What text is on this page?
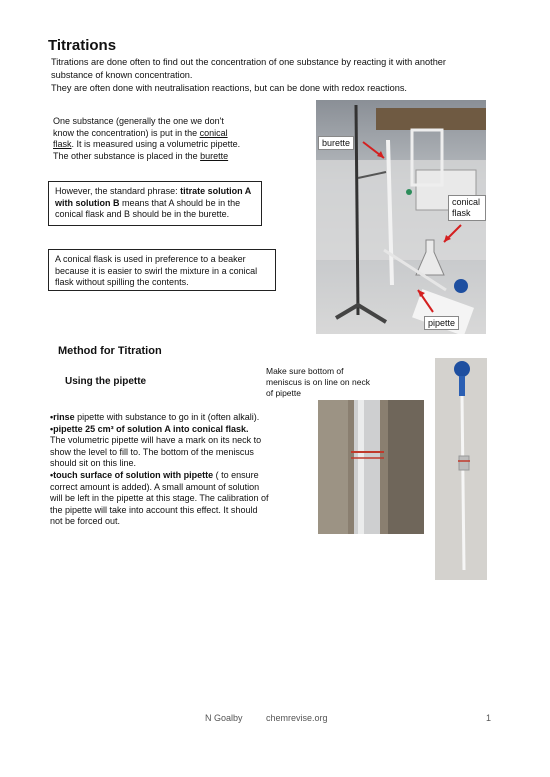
Titrations

Titrations are done often to find out the concentration of one substance by reacting it with another substance of known concentration.

They are often done with neutralisation reactions, but can be done with redox reactions.

One substance (generally the one we don't know the concentration) is put in the conical flask. It is measured using a volumetric pipette.
The other substance is placed in the burette
However, the standard phrase: titrate solution A with solution B means that A should be in the conical flask and B should be in the burette.
A conical flask is used in preference to a beaker because it is easier to swirl the mixture in a conical flask without spilling the contents.
burette
conical flask
pipette
Method for Titration
Using the pipette
Make sure bottom of meniscus is on line on neck of pipette

•rinse pipette with substance to go in it (often alkali).

•pipette 25 cm³ of solution A into conical flask.
The volumetric pipette will have a mark on its neck to show the level to fill to. The bottom of the meniscus should sit on this line.

•touch surface of solution with pipette ( to ensure correct amount is added). A small amount of solution will be left in the pipette at this stage. The calibration of the pipette will take into account this effect. It should not be forced out.

N Goalby	chemrevise.org	1
